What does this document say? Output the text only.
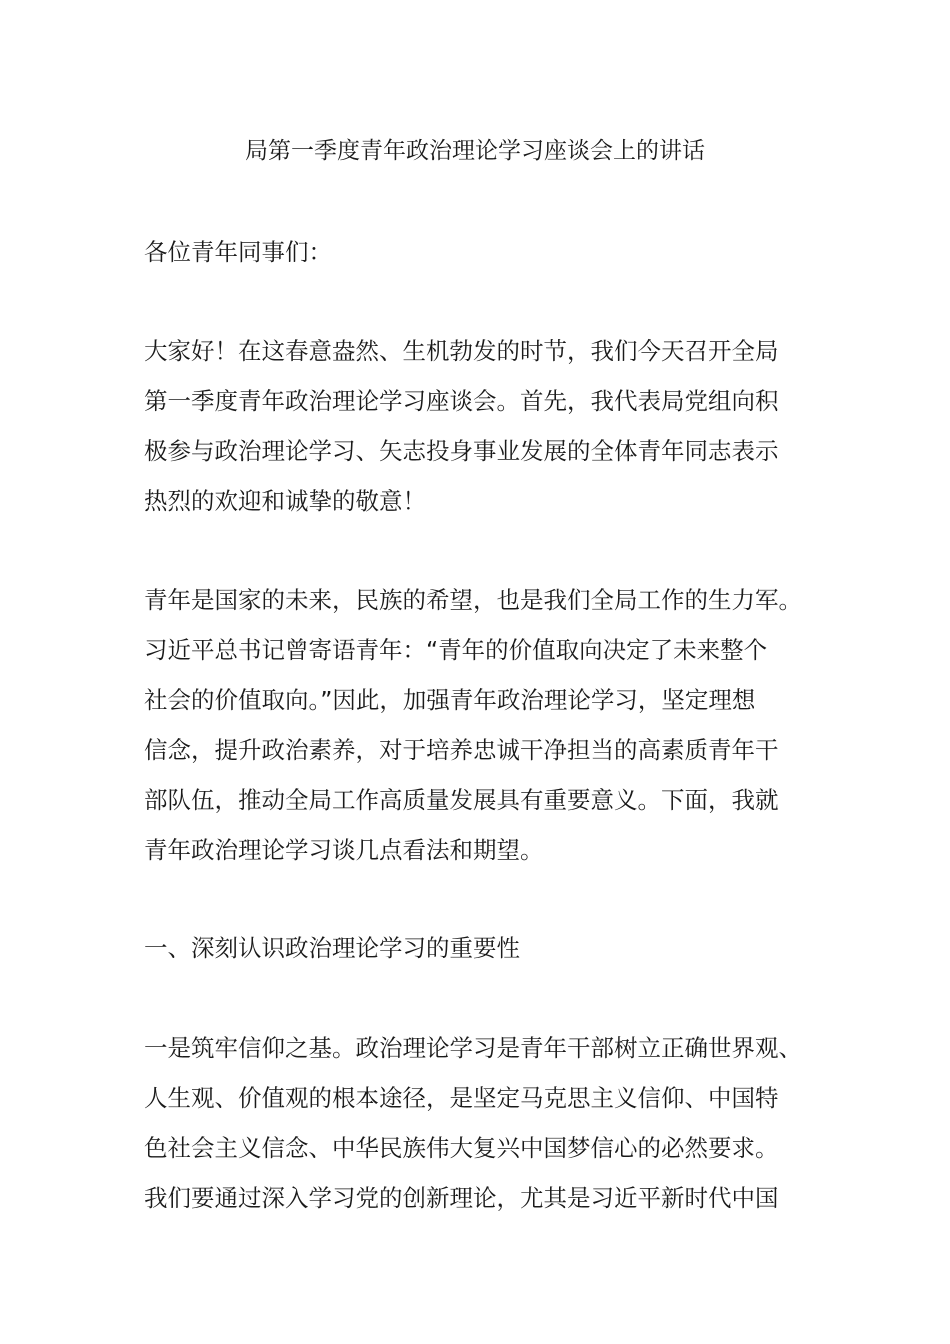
局第一季度青年政治理论学习座谈会上的讲话

各位青年同事们：

大家好！在这春意盎然、生机勃发的时节，我们今天召开全局
第一季度青年政治理论学习座谈会。首先，我代表局党组向积
极参与政治理论学习、矢志投身事业发展的全体青年同志表示
热烈的欢迎和诚挚的敬意！

青年是国家的未来，民族的希望，也是我们全局工作的生力军。
习近平总书记曾寄语青年：“青年的价值取向决定了未来整个
社会的价值取向。”因此，加强青年政治理论学习，坚定理想
信念，提升政治素养，对于培养忠诚干净担当的高素质青年干
部队伍，推动全局工作高质量发展具有重要意义。下面，我就
青年政治理论学习谈几点看法和期望。

一、深刻认识政治理论学习的重要性

一是筑牢信仰之基。政治理论学习是青年干部树立正确世界观、
人生观、价值观的根本途径，是坚定马克思主义信仰、中国特
色社会主义信念、中华民族伟大复兴中国梦信心的必然要求。
我们要通过深入学习党的创新理论，尤其是习近平新时代中国
